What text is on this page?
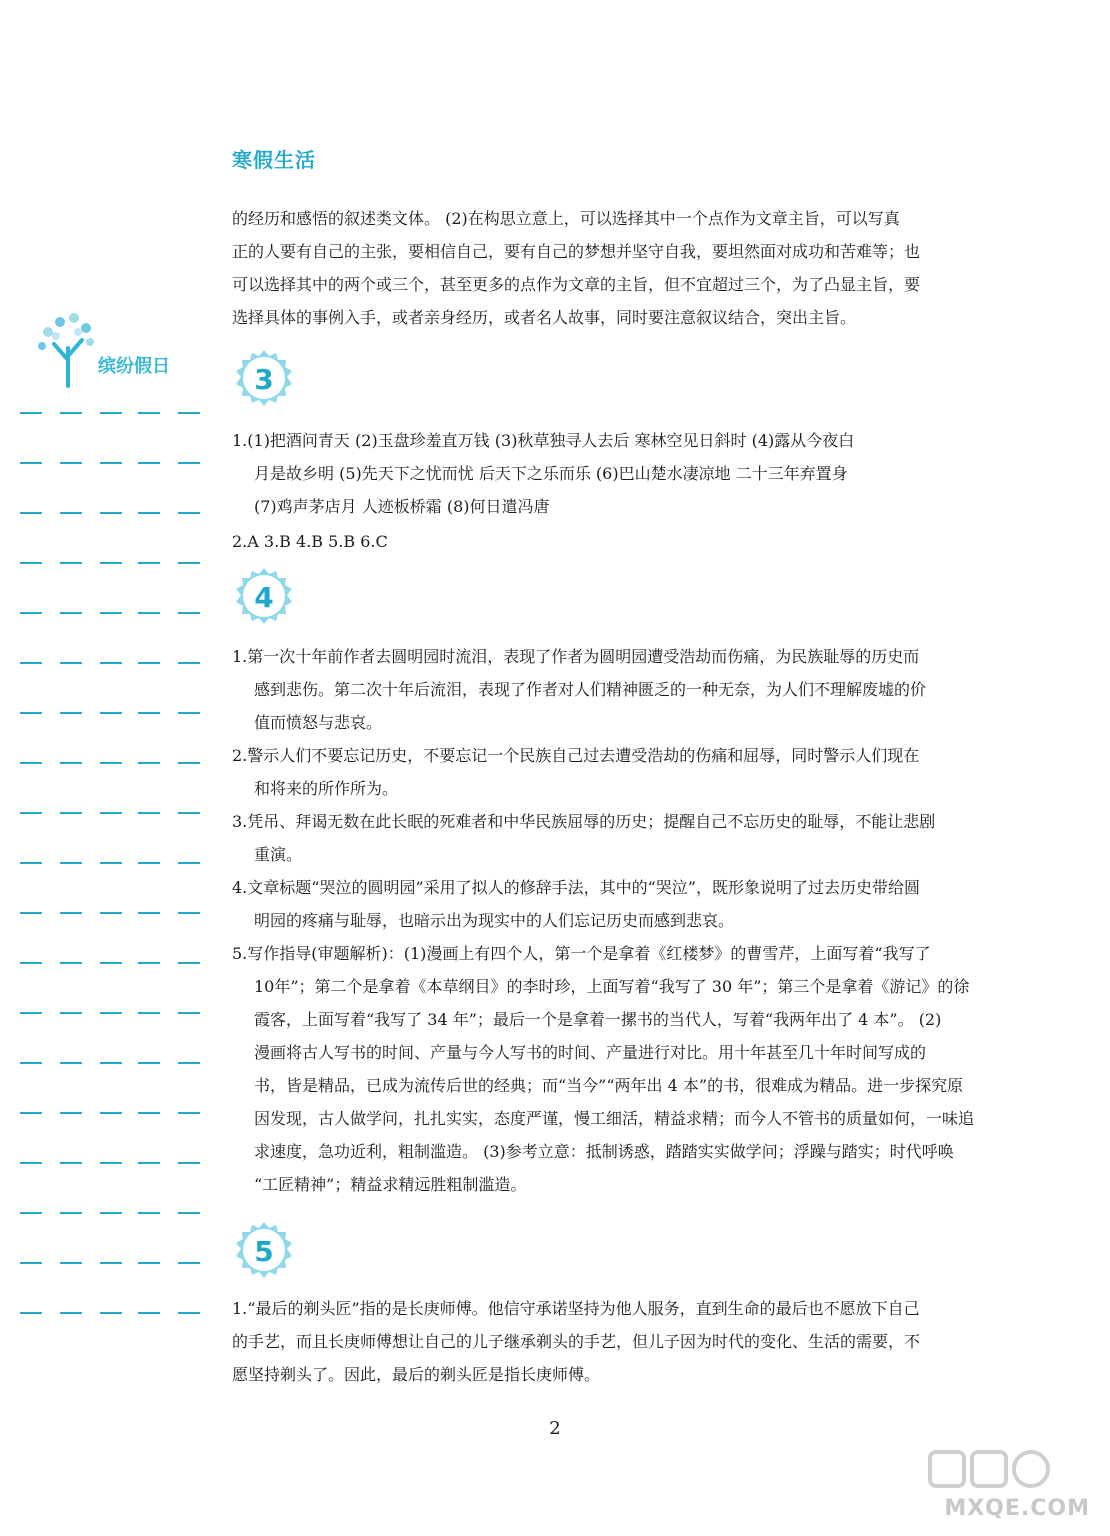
寒假生活
缤纷假日
的经历和感悟的叙述类文体。 (2)在构思立意上，可以选择其中一个点作为文章主旨，可以写真
正的人要有自己的主张，要相信自己，要有自己的梦想并坚守自我，要坦然面对成功和苦难等；也
可以选择其中的两个或三个，甚至更多的点作为文章的主旨，但不宜超过三个，为了凸显主旨，要
选择具体的事例入手，或者亲身经历，或者名人故事，同时要注意叙议结合，突出主旨。
3
1.(1)把酒问青天 (2)玉盘珍羞直万钱 (3)秋草独寻人去后 寒林空见日斜时 (4)露从今夜白
月是故乡明 (5)先天下之忧而忧 后天下之乐而乐 (6)巴山楚水凄凉地 二十三年弃置身
(7)鸡声茅店月 人迹板桥霜 (8)何日遣冯唐
2.A 3.B 4.B 5.B 6.C
4
1.第一次十年前作者去圆明园时流泪，表现了作者为圆明园遭受浩劫而伤痛，为民族耻辱的历史而
感到悲伤。第二次十年后流泪，表现了作者对人们精神匮乏的一种无奈，为人们不理解废墟的价
值而愤怒与悲哀。
2.警示人们不要忘记历史，不要忘记一个民族自己过去遭受浩劫的伤痛和屈辱，同时警示人们现在
和将来的所作所为。
3.凭吊、拜谒无数在此长眠的死难者和中华民族屈辱的历史；提醒自己不忘历史的耻辱，不能让悲剧
重演。
4.文章标题“哭泣的圆明园”采用了拟人的修辞手法，其中的“哭泣”，既形象说明了过去历史带给圆
明园的疼痛与耻辱，也暗示出为现实中的人们忘记历史而感到悲哀。
5.写作指导(审题解析)：(1)漫画上有四个人，第一个是拿着《红楼梦》的曹雪芹，上面写着“我写了
10年”；第二个是拿着《本草纲目》的李时珍，上面写着“我写了 30 年”；第三个是拿着《游记》的徐
霞客，上面写着“我写了 34 年”；最后一个是拿着一摞书的当代人，写着“我两年出了 4 本”。 (2)
漫画将古人写书的时间、产量与今人写书的时间、产量进行对比。用十年甚至几十年时间写成的
书，皆是精品，已成为流传后世的经典；而“当今”“两年出 4 本”的书，很难成为精品。进一步探究原
因发现，古人做学问，扎扎实实，态度严谨，慢工细活，精益求精；而今人不管书的质量如何，一味追
求速度，急功近利，粗制滥造。 (3)参考立意：抵制诱惑，踏踏实实做学问；浮躁与踏实；时代呼唤
“工匠精神”；精益求精远胜粗制滥造。
5
1.“最后的剃头匠”指的是长庚师傅。他信守承诺坚持为他人服务，直到生命的最后也不愿放下自己
的手艺，而且长庚师傅想让自己的儿子继承剃头的手艺，但儿子因为时代的变化、生活的需要，不
愿坚持剃头了。因此，最后的剃头匠是指长庚师傅。
2
MXQE.COM
